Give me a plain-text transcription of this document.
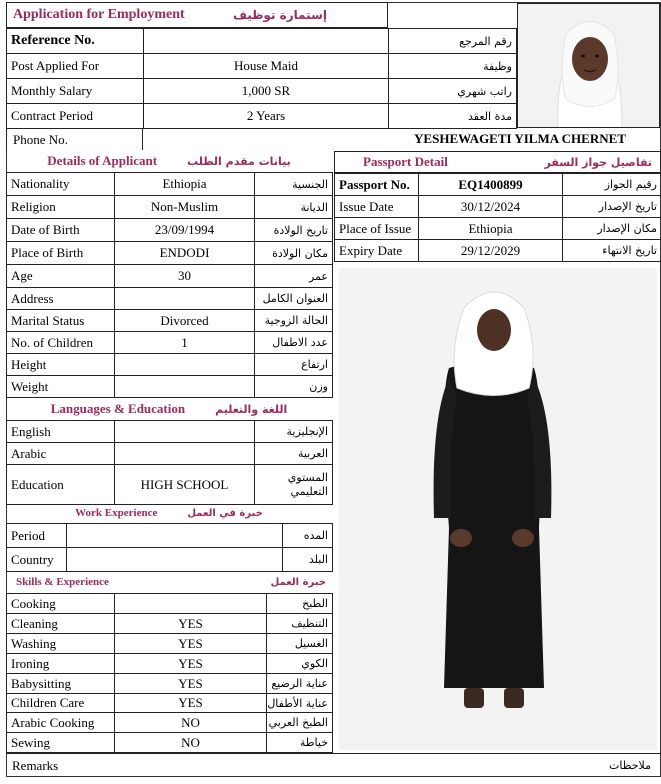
Application for Employment	إستمارة توظيف
Reference No.		رقم المرجع
Post Applied For	House Maid	وظيفة
Monthly Salary	1,000 SR	راتب شهري
Contract Period	2 Years	مدة العقد
Phone No.	YESHEWAGETI YILMA CHERNET
Details of Applicant	بيانات مقدم الطلب
Nationality	Ethiopia	الجنسية
Religion	Non-Muslim	الديانة
Date of Birth	23/09/1994	تاريخ الولادة
Place of Birth	ENDODI	مكان الولادة
Age	30	عمر
Address		العنوان الكامل
Marital Status	Divorced	الحالة الزوجية
No. of Children	1	عدد الاطفال
Height		ارتفاع
Weight		وزن
Languages & Education	اللغة والتعليم
English		الإنجليزية
Arabic		العربية
Education	HIGH SCHOOL	المستوي التعليمي
Work Experience	خبرة في العمل
Period		المده
Country		البلد
Skills & Experience	خبرة العمل
Cooking		الطبخ
Cleaning	YES	التنظيف
Washing	YES	الغسيل
Ironing	YES	الكوي
Babysitting	YES	عناية الرضيع
Children Care	YES	عناية الأطفال
Arabic Cooking	NO	الطبخ العربي
Sewing	NO	خياطة
Remarks	ملاحظات
Passport Detail	تفاصيل جواز السفر
Passport No.	EQ1400899	رقيم الجواز
Issue Date	30/12/2024	تاريخ الإصدار
Place of Issue	Ethiopia	مكان الإصدار
Expiry Date	29/12/2029	تاريخ الانتهاء
